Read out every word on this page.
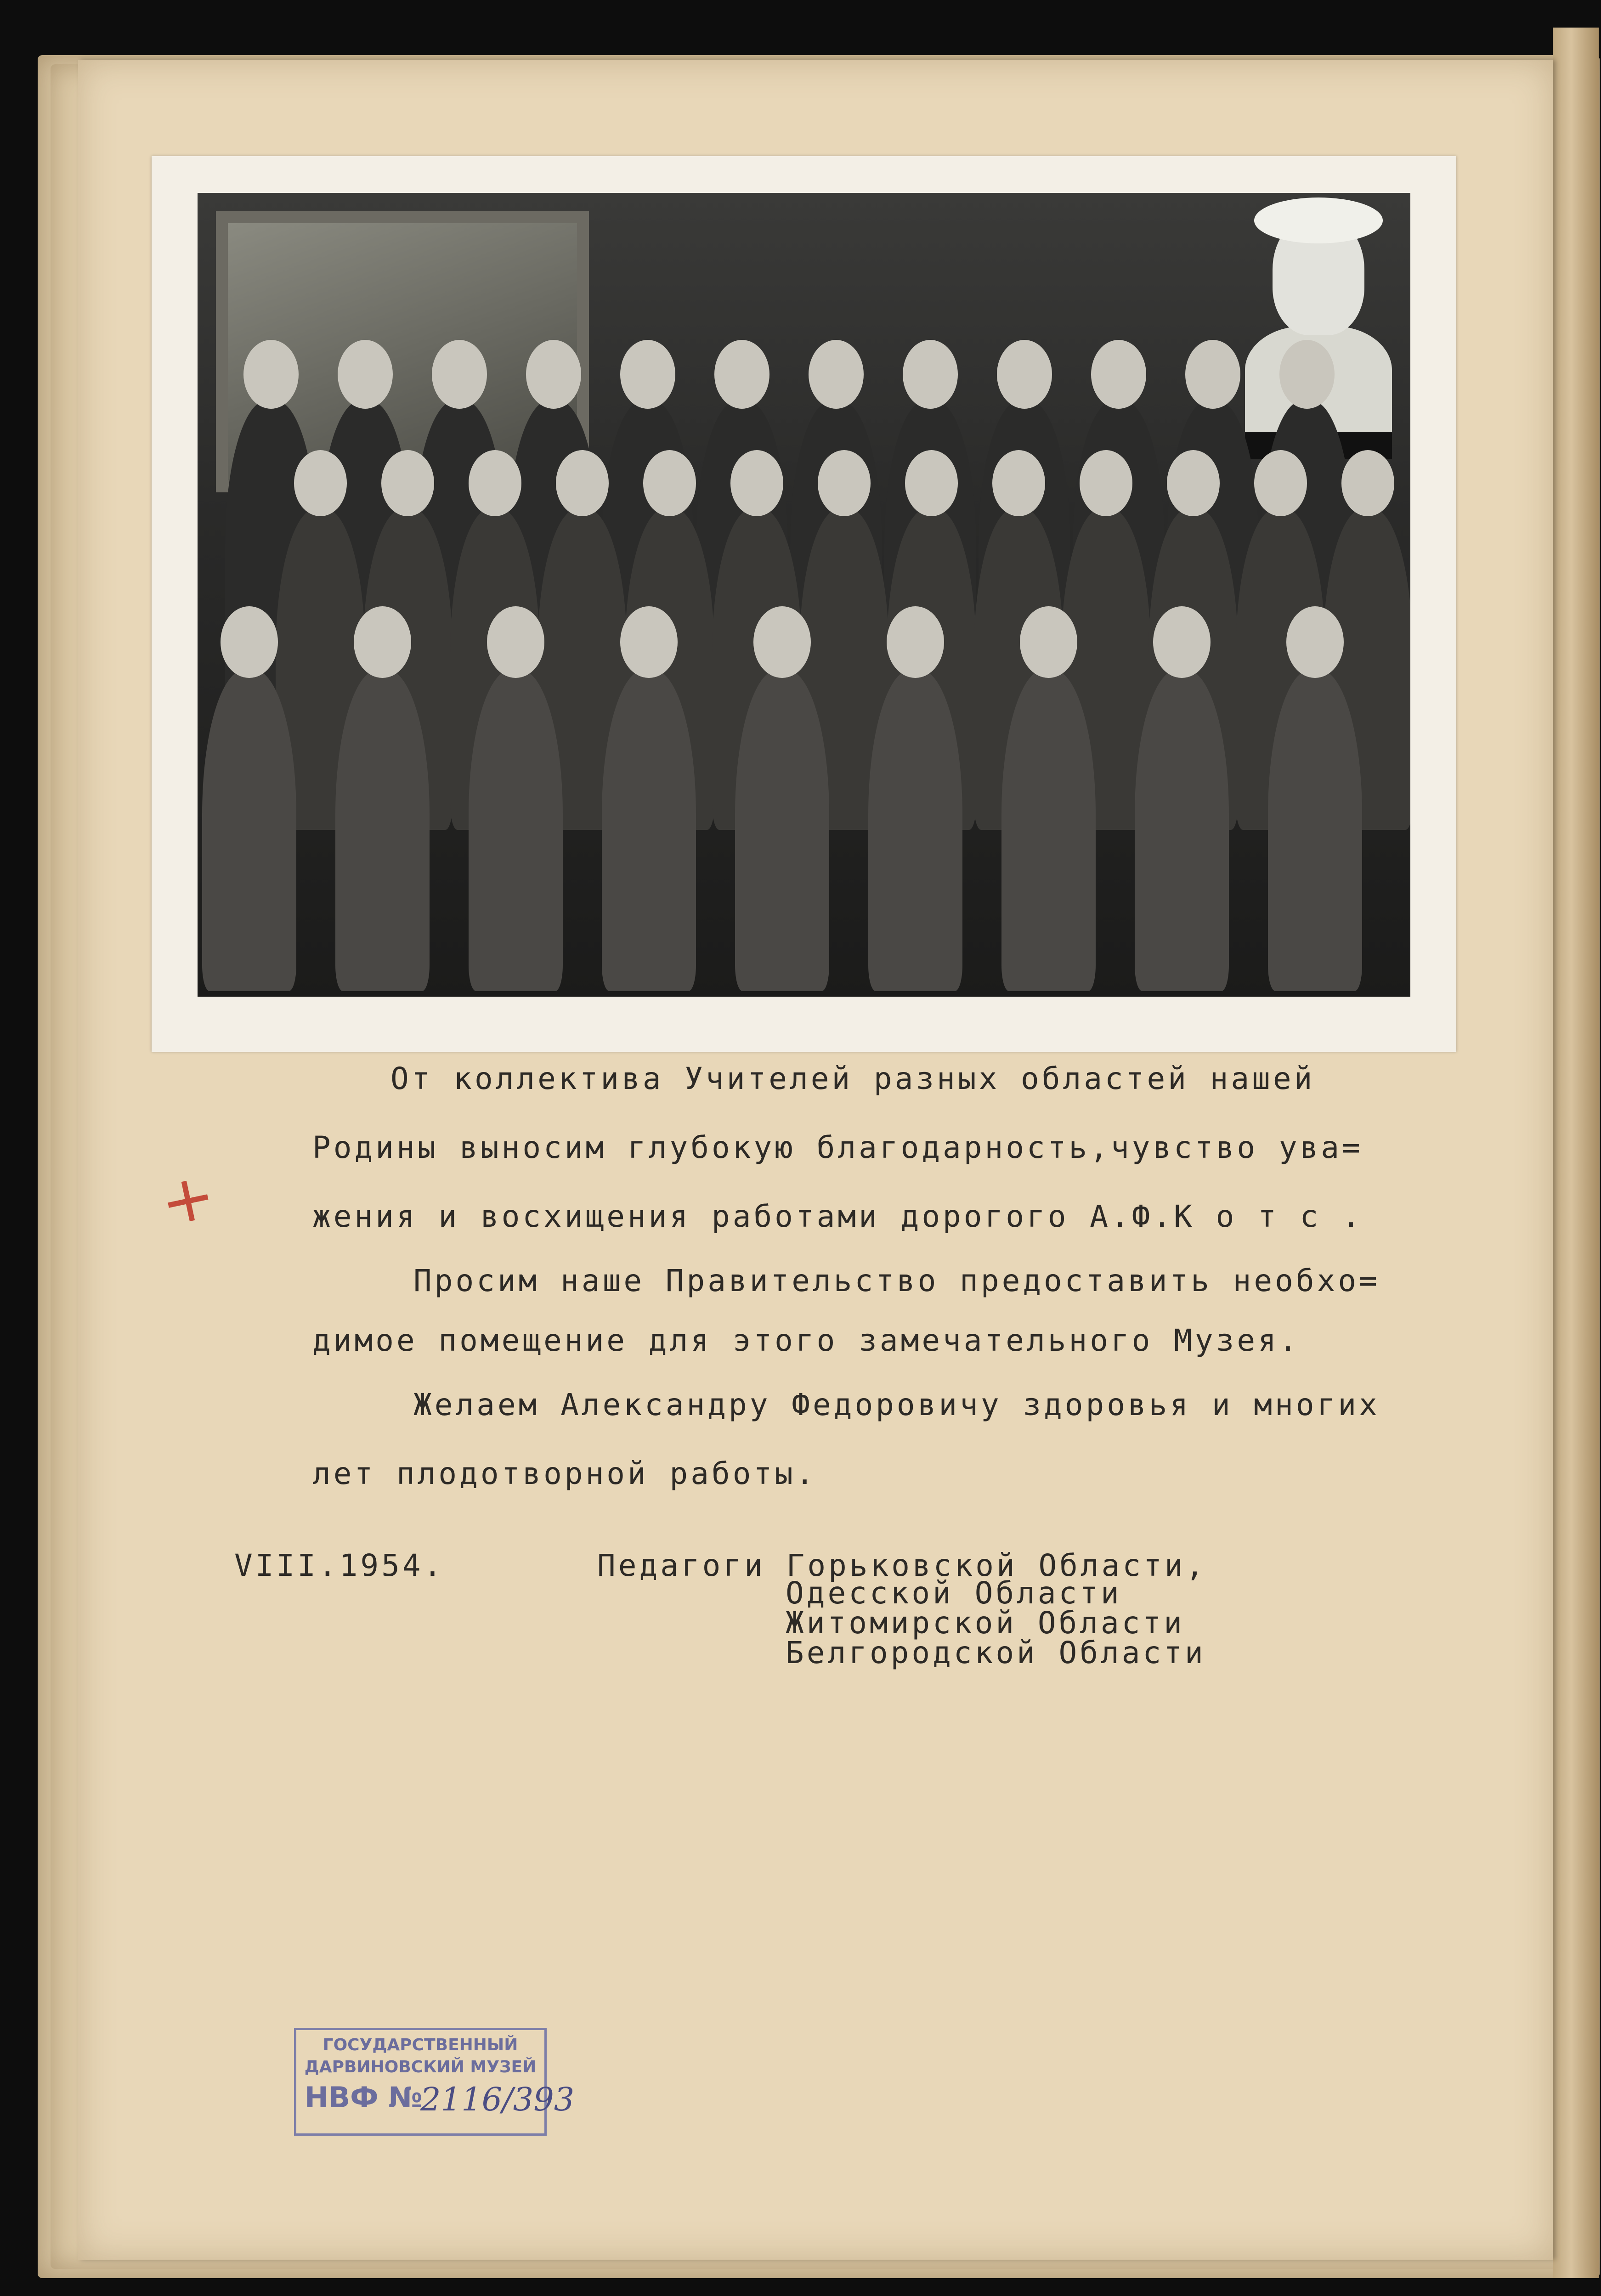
От коллектива Учителей разных областей нашей

Родины выносим глубокую благодарность,чувство ува=

жения и восхищения работами дорогого А.Ф.К о т с .

Просим наше Правительство предоставить необхо=

димое помещение для этого замечательного Музея.

Желаем Александру Федоровичу здоровья и многих

лет плодотворной работы.

VIII.1954.

	Педагоги Горьковской Области,

Одесской Области

Житомирской Области

Белгородской Области

+
ГОСУДАРСТВЕННЫЙ
ДАРВИНОВСКИЙ МУЗЕЙ
НВФ №
2116/393
